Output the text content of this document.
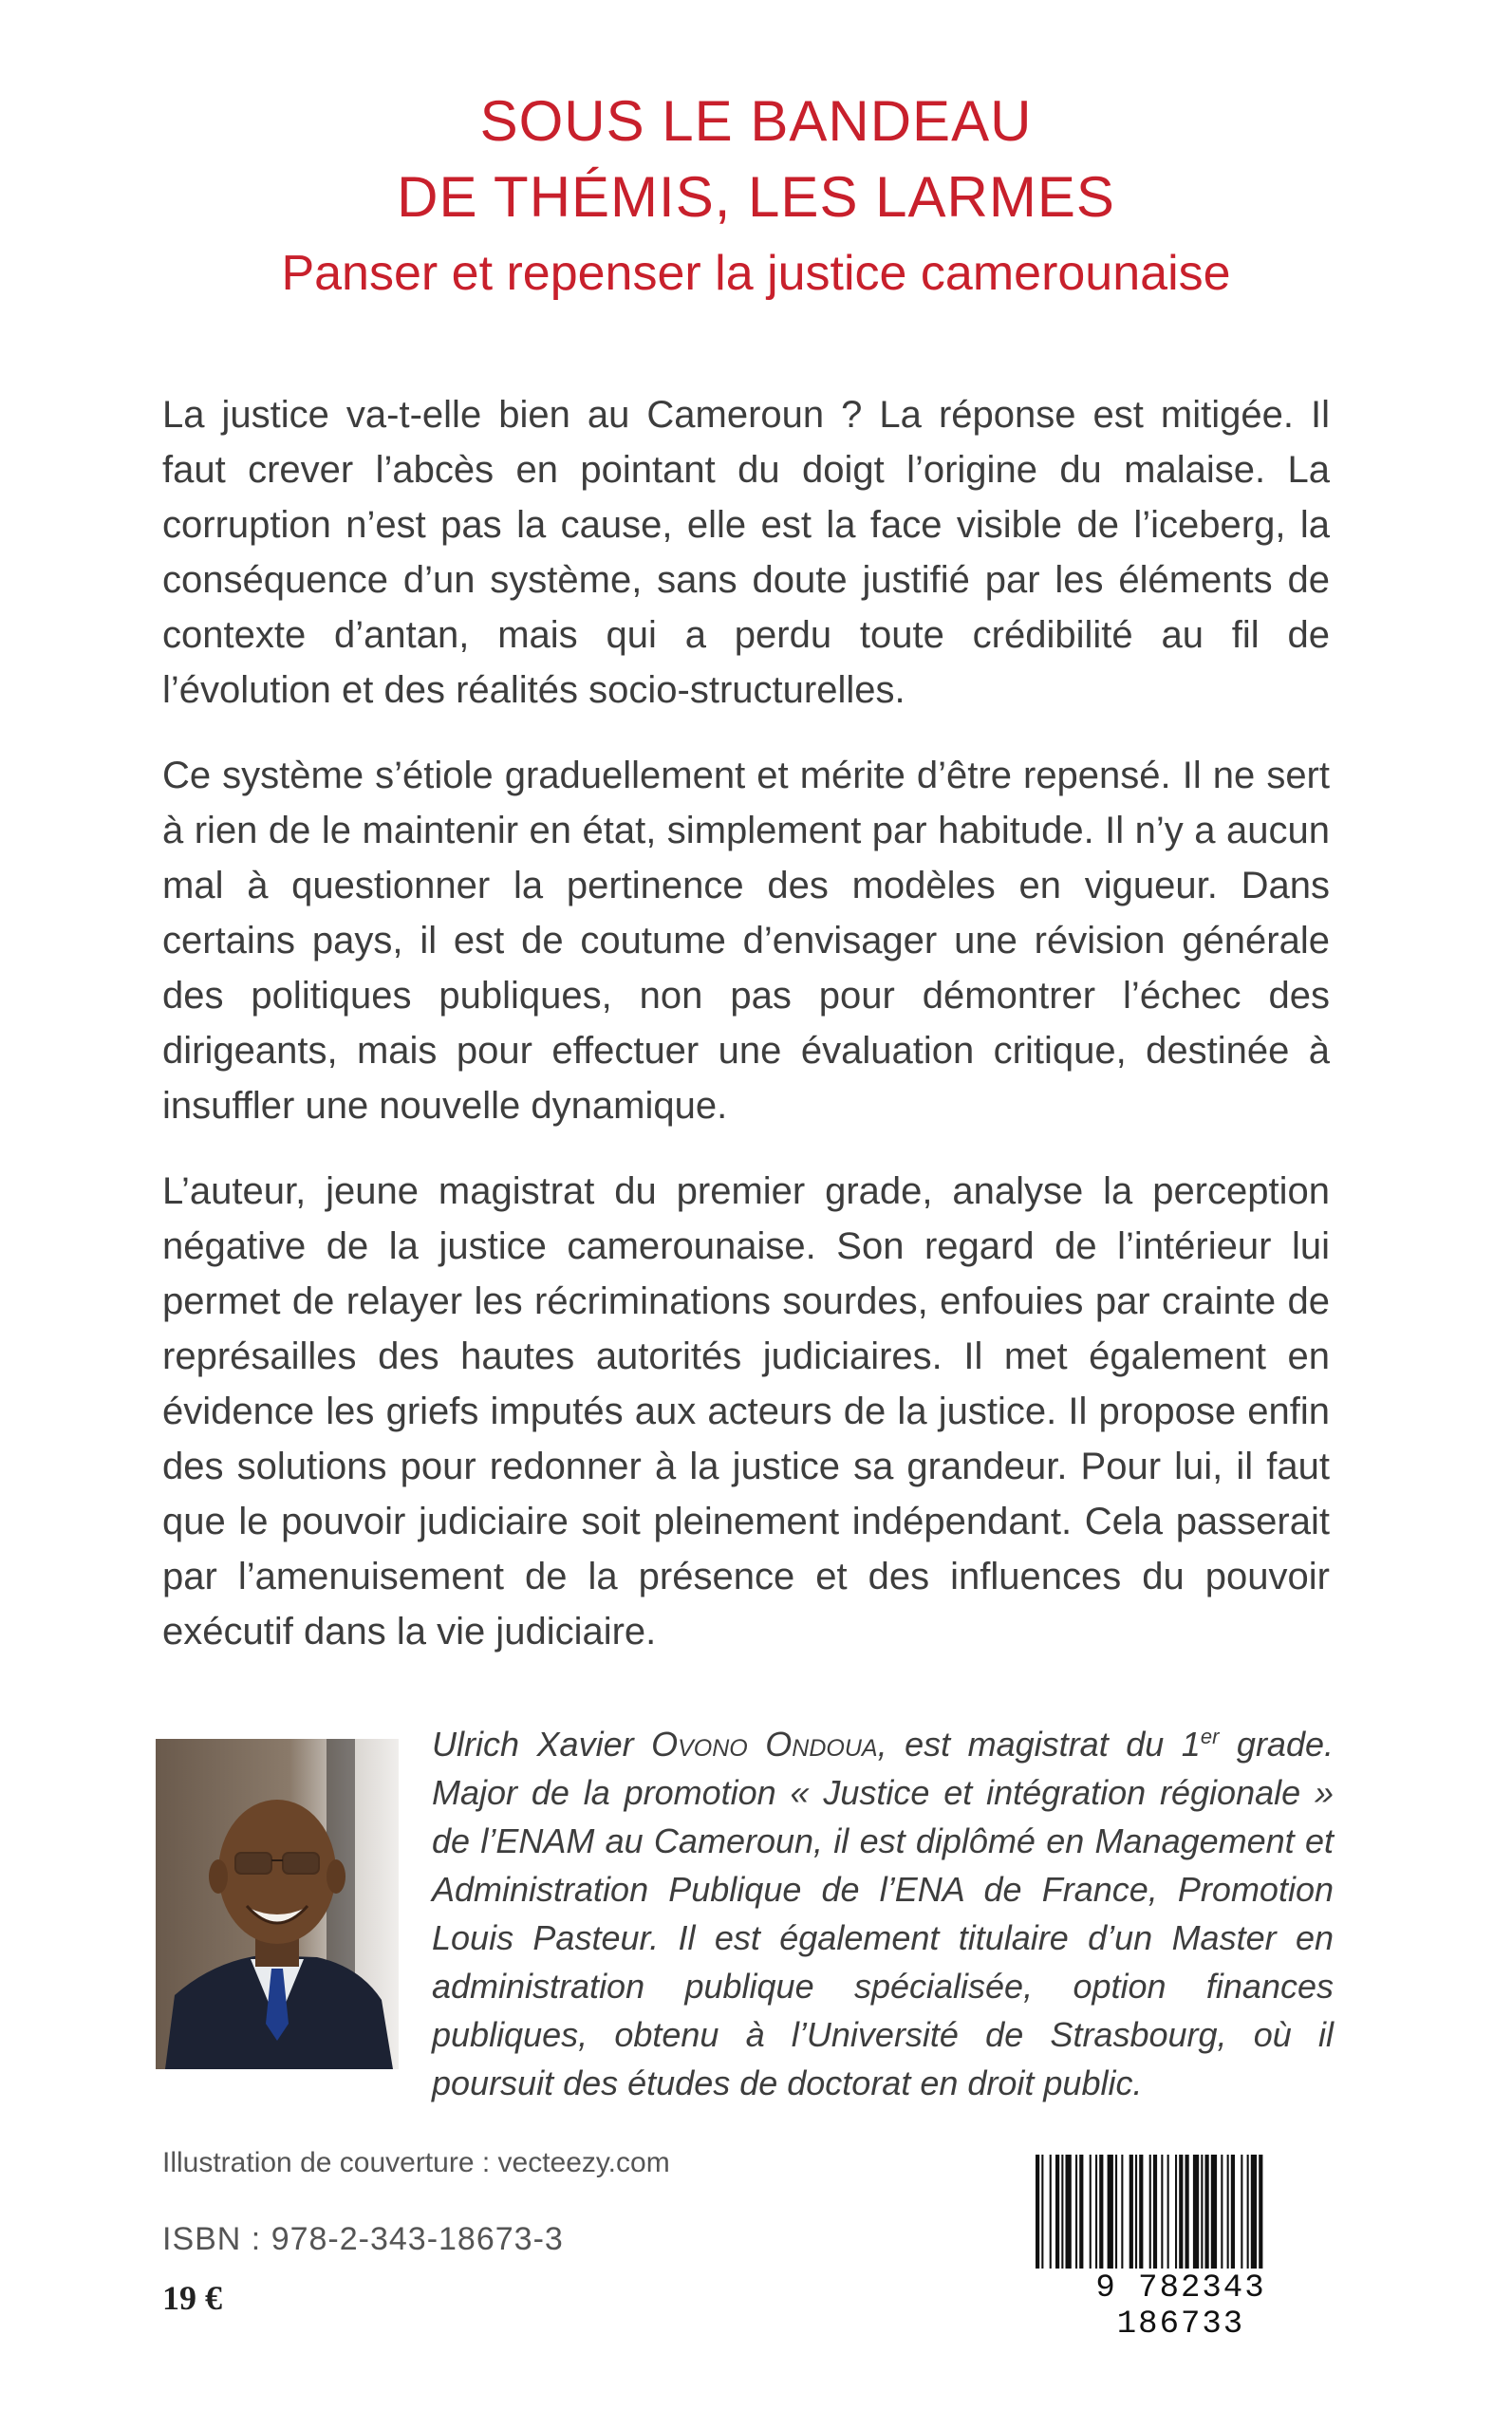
SOUS LE BANDEAU
DE THÉMIS, LES LARMES
Panser et repenser la justice camerounaise
La justice va-t-elle bien au Cameroun ? La réponse est mitigée. Il faut crever l’abcès en pointant du doigt l’origine du malaise. La corruption n’est pas la cause, elle est la face visible de l’iceberg, la conséquence d’un système, sans doute justifié par les éléments de contexte d’antan, mais qui a perdu toute crédibilité au fil de l’évolution et des réalités socio-structurelles.
Ce système s’étiole graduellement et mérite d’être repensé. Il ne sert à rien de le maintenir en état, simplement par habitude. Il n’y a aucun mal à questionner la pertinence des modèles en vigueur. Dans certains pays, il est de coutume d’envisager une révision générale des politiques publiques, non pas pour démontrer l’échec des dirigeants, mais pour effectuer une évaluation critique, destinée à insuffler une nouvelle dynamique.
L’auteur, jeune magistrat du premier grade, analyse la perception négative de la justice camerounaise. Son regard de l’intérieur lui permet de relayer les récriminations sourdes, enfouies par crainte de représailles des hautes autorités judiciaires. Il met également en évidence les griefs imputés aux acteurs de la justice. Il propose enfin des solutions pour redonner à la justice sa grandeur. Pour lui, il faut que le pouvoir judiciaire soit pleinement indépendant. Cela passerait par l’amenuisement de la présence et des influences du pouvoir exécutif dans la vie judiciaire.
Ulrich Xavier Ovono Ondoua, est magistrat du 1er grade. Major de la promotion « Justice et intégration régionale » de l’ENAM au Cameroun, il est diplômé en Management et Administration Publique de l’ENA de France, Promotion Louis Pasteur. Il est également titulaire d’un Master en administration publique spécialisée, option finances publiques, obtenu à l’Université de Strasbourg, où il poursuit des études de doctorat en droit public.
Illustration de couverture : vecteezy.com
ISBN : 978-2-343-18673-3
19 €	9 782343 186733
